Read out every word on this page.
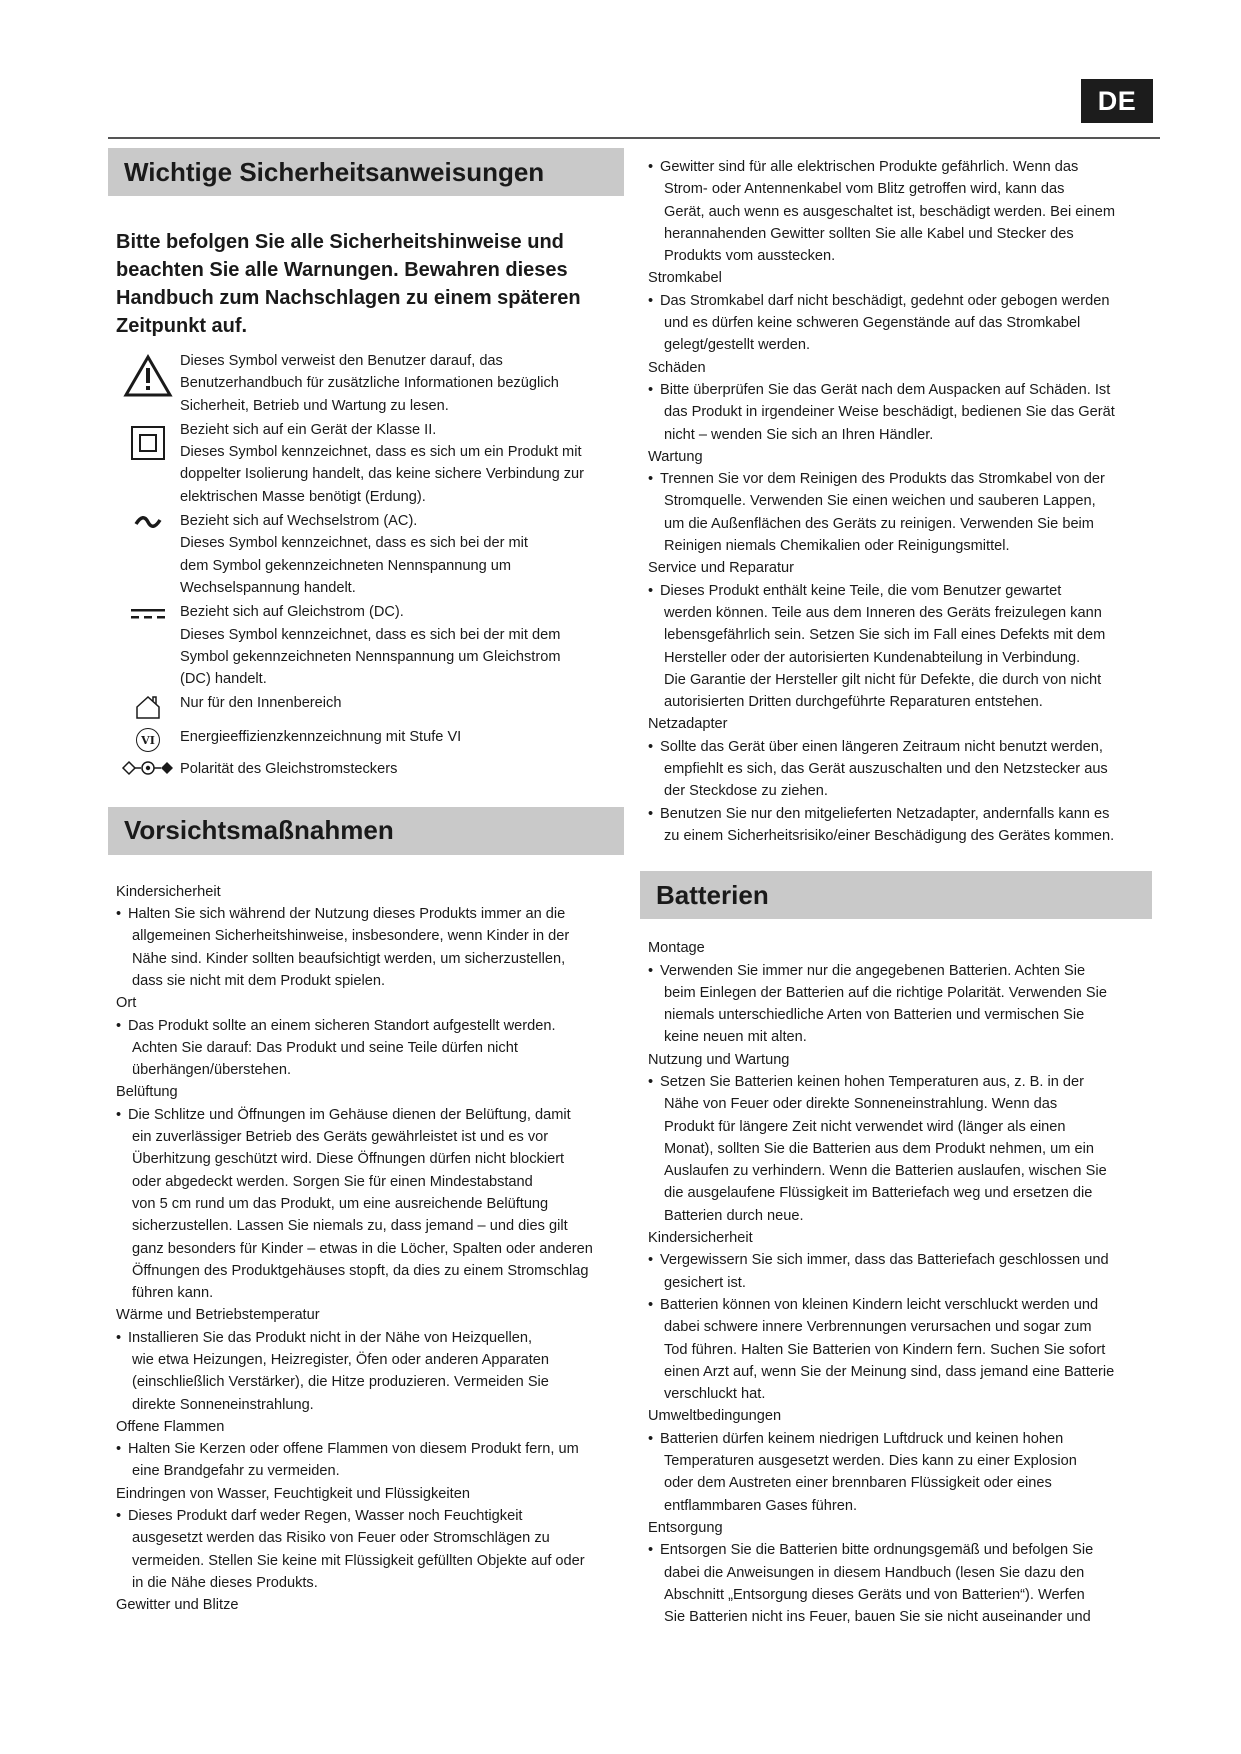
DE
Wichtige Sicherheitsanweisungen
Bitte befolgen Sie alle Sicherheitshinweise und beachten Sie alle Warnungen. Bewahren dieses Handbuch zum Nachschlagen zu einem späteren Zeitpunkt auf.

Dieses Symbol verweist den Benutzer darauf, das

Benutzerhandbuch für zusätzliche Informationen bezüglich

Sicherheit, Betrieb und Wartung zu lesen.

Bezieht sich auf ein Gerät der Klasse II.

Dieses Symbol kennzeichnet, dass es sich um ein Produkt mit

doppelter Isolierung handelt, das keine sichere Verbindung zur

elektrischen Masse benötigt (Erdung).

Bezieht sich auf Wechselstrom (AC).

Dieses Symbol kennzeichnet, dass es sich bei der mit

dem Symbol gekennzeichneten Nennspannung um

Wechselspannung handelt.

Bezieht sich auf Gleichstrom (DC).

Dieses Symbol kennzeichnet, dass es sich bei der mit dem

Symbol gekennzeichneten Nennspannung um Gleichstrom

(DC) handelt.

Nur für den Innenbereich

VI	Energieeffizienzkennzeichnung mit Stufe VI

Polarität des Gleichstromsteckers

Vorsichtsmaßnahmen
Kindersicherheit
• Halten Sie sich während der Nutzung dieses Produkts immer an die
allgemeinen Sicherheitshinweise, insbesondere, wenn Kinder in der
Nähe sind. Kinder sollten beaufsichtigt werden, um sicherzustellen,
dass sie nicht mit dem Produkt spielen.
Ort
• Das Produkt sollte an einem sicheren Standort aufgestellt werden.
Achten Sie darauf: Das Produkt und seine Teile dürfen nicht
überhängen/überstehen.
Belüftung
• Die Schlitze und Öffnungen im Gehäuse dienen der Belüftung, damit
ein zuverlässiger Betrieb des Geräts gewährleistet ist und es vor
Überhitzung geschützt wird. Diese Öffnungen dürfen nicht blockiert
oder abgedeckt werden. Sorgen Sie für einen Mindestabstand
von 5 cm rund um das Produkt, um eine ausreichende Belüftung
sicherzustellen. Lassen Sie niemals zu, dass jemand – und dies gilt
ganz besonders für Kinder – etwas in die Löcher, Spalten oder anderen
Öffnungen des Produktgehäuses stopft, da dies zu einem Stromschlag
führen kann.
Wärme und Betriebstemperatur
• Installieren Sie das Produkt nicht in der Nähe von Heizquellen,
wie etwa Heizungen, Heizregister, Öfen oder anderen Apparaten
(einschließlich Verstärker), die Hitze produzieren. Vermeiden Sie
direkte Sonneneinstrahlung.
Offene Flammen
• Halten Sie Kerzen oder offene Flammen von diesem Produkt fern, um
eine Brandgefahr zu vermeiden.
Eindringen von Wasser, Feuchtigkeit und Flüssigkeiten
• Dieses Produkt darf weder Regen, Wasser noch Feuchtigkeit
ausgesetzt werden das Risiko von Feuer oder Stromschlägen zu
vermeiden. Stellen Sie keine mit Flüssigkeit gefüllten Objekte auf oder
in die Nähe dieses Produkts.
Gewitter und Blitze
• Gewitter sind für alle elektrischen Produkte gefährlich. Wenn das
Strom- oder Antennenkabel vom Blitz getroffen wird, kann das
Gerät, auch wenn es ausgeschaltet ist, beschädigt werden. Bei einem
herannahenden Gewitter sollten Sie alle Kabel und Stecker des
Produkts vom ausstecken.
Stromkabel
• Das Stromkabel darf nicht beschädigt, gedehnt oder gebogen werden
und es dürfen keine schweren Gegenstände auf das Stromkabel
gelegt/gestellt werden.
Schäden
• Bitte überprüfen Sie das Gerät nach dem Auspacken auf Schäden. Ist
das Produkt in irgendeiner Weise beschädigt, bedienen Sie das Gerät
nicht – wenden Sie sich an Ihren Händler.
Wartung
• Trennen Sie vor dem Reinigen des Produkts das Stromkabel von der
Stromquelle. Verwenden Sie einen weichen und sauberen Lappen,
um die Außenflächen des Geräts zu reinigen. Verwenden Sie beim
Reinigen niemals Chemikalien oder Reinigungsmittel.
Service und Reparatur
• Dieses Produkt enthält keine Teile, die vom Benutzer gewartet
werden können. Teile aus dem Inneren des Geräts freizulegen kann
lebensgefährlich sein. Setzen Sie sich im Fall eines Defekts mit dem
Hersteller oder der autorisierten Kundenabteilung in Verbindung.
Die Garantie der Hersteller gilt nicht für Defekte, die durch von nicht
autorisierten Dritten durchgeführte Reparaturen entstehen.
Netzadapter
• Sollte das Gerät über einen längeren Zeitraum nicht benutzt werden,
empfiehlt es sich, das Gerät auszuschalten und den Netzstecker aus
der Steckdose zu ziehen.
• Benutzen Sie nur den mitgelieferten Netzadapter, andernfalls kann es
zu einem Sicherheitsrisiko/einer Beschädigung des Gerätes kommen.
Batterien
Montage
• Verwenden Sie immer nur die angegebenen Batterien. Achten Sie
beim Einlegen der Batterien auf die richtige Polarität. Verwenden Sie
niemals unterschiedliche Arten von Batterien und vermischen Sie
keine neuen mit alten.
Nutzung und Wartung
• Setzen Sie Batterien keinen hohen Temperaturen aus, z. B. in der
Nähe von Feuer oder direkte Sonneneinstrahlung. Wenn das
Produkt für längere Zeit nicht verwendet wird (länger als einen
Monat), sollten Sie die Batterien aus dem Produkt nehmen, um ein
Auslaufen zu verhindern. Wenn die Batterien auslaufen, wischen Sie
die ausgelaufene Flüssigkeit im Batteriefach weg und ersetzen die
Batterien durch neue.
Kindersicherheit
• Vergewissern Sie sich immer, dass das Batteriefach geschlossen und
gesichert ist.
• Batterien können von kleinen Kindern leicht verschluckt werden und
dabei schwere innere Verbrennungen verursachen und sogar zum
Tod führen. Halten Sie Batterien von Kindern fern. Suchen Sie sofort
einen Arzt auf, wenn Sie der Meinung sind, dass jemand eine Batterie
verschluckt hat.
Umweltbedingungen
• Batterien dürfen keinem niedrigen Luftdruck und keinen hohen
Temperaturen ausgesetzt werden. Dies kann zu einer Explosion
oder dem Austreten einer brennbaren Flüssigkeit oder eines
entflammbaren Gases führen.
Entsorgung
• Entsorgen Sie die Batterien bitte ordnungsgemäß und befolgen Sie
dabei die Anweisungen in diesem Handbuch (lesen Sie dazu den
Abschnitt „Entsorgung dieses Geräts und von Batterien“). Werfen
Sie Batterien nicht ins Feuer, bauen Sie sie nicht auseinander und
